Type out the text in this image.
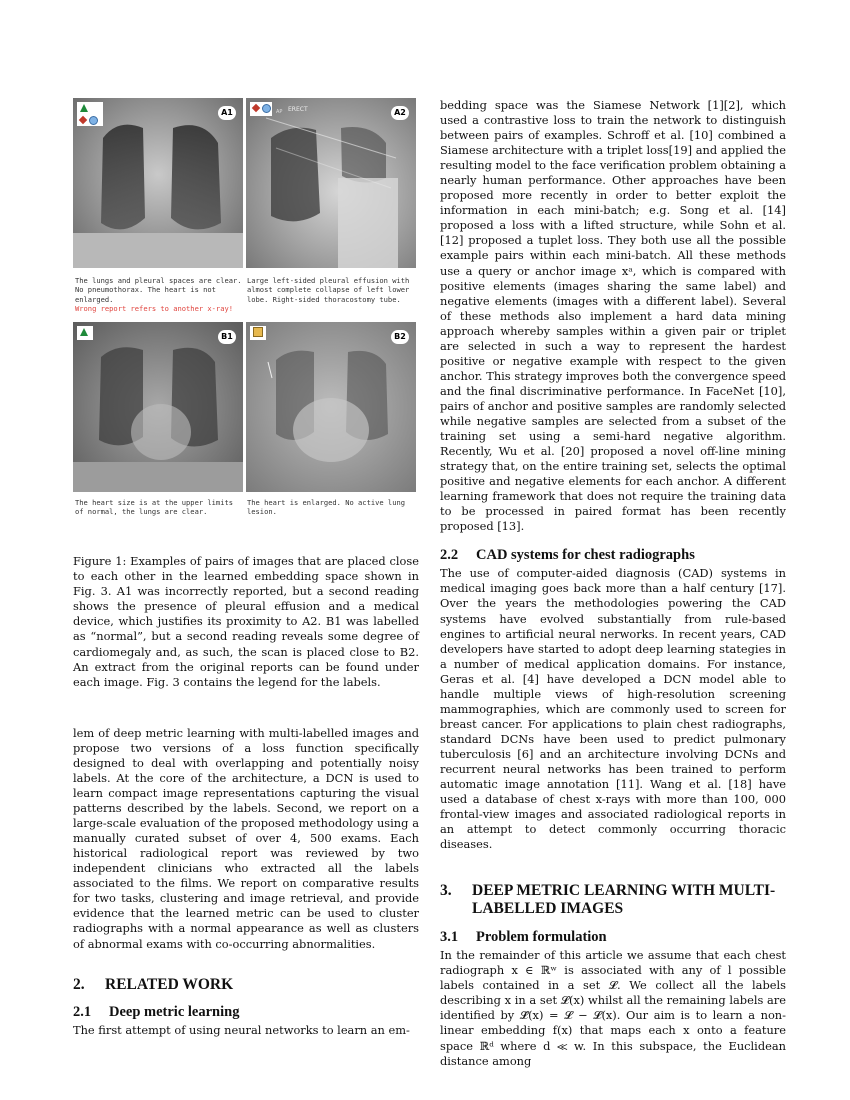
A1	AP ERECT	A2
The lungs and pleural spaces are clear. No pneumothorax. The heart is not enlarged.
Wrong report refers to another x-ray!
Large left-sided pleural effusion with almost complete collapse of left lower lobe. Right-sided thoracostomy tube.
B1	B2
The heart size is at the upper limits of normal, the lungs are clear.
The heart is enlarged. No active lung lesion.

Figure 1: Examples of pairs of images that are placed close to each other in the learned embedding space shown in Fig. 3. A1 was incorrectly reported, but a second reading shows the presence of pleural effusion and a medical device, which justifies its proximity to A2. B1 was labelled as “normal”, but a second reading reveals some degree of cardiomegaly and, as such, the scan is placed close to B2. An extract from the original reports can be found under each image. Fig. 3 contains the legend for the labels.

lem of deep metric learning with multi-labelled images and propose two versions of a loss function specifically designed to deal with overlapping and potentially noisy labels. At the core of the architecture, a DCN is used to learn compact image representations capturing the visual patterns described by the labels. Second, we report on a large-scale evaluation of the proposed methodology using a manually curated subset of over 4, 500 exams. Each historical radiological report was reviewed by two independent clinicians who extracted all the labels associated to the films. We report on comparative results for two tasks, clustering and image retrieval, and provide evidence that the learned metric can be used to cluster radiographs with a normal appearance as well as clusters of abnormal exams with co-occurring abnormalities.

2. RELATED WORK
2.1 Deep metric learning

The first attempt of using neural networks to learn an em-

bedding space was the Siamese Network [1][2], which used a contrastive loss to train the network to distinguish between pairs of examples. Schroff et al. [10] combined a Siamese architecture with a triplet loss[19] and applied the resulting model to the face verification problem obtaining a nearly human performance. Other approaches have been proposed more recently in order to better exploit the information in each mini-batch; e.g. Song et al. [14] proposed a loss with a lifted structure, while Sohn et al. [12] proposed a tuplet loss. They both use all the possible example pairs within each mini-batch. All these methods use a query or anchor image xᵃ, which is compared with positive elements (images sharing the same label) and negative elements (images with a different label). Several of these methods also implement a hard data mining approach whereby samples within a given pair or triplet are selected in such a way to represent the hardest positive or negative example with respect to the given anchor. This strategy improves both the convergence speed and the final discriminative performance. In FaceNet [10], pairs of anchor and positive samples are randomly selected while negative samples are selected from a subset of the training set using a semi-hard negative algorithm. Recently, Wu et al. [20] proposed a novel off-line mining strategy that, on the entire training set, selects the optimal positive and negative elements for each anchor. A different learning framework that does not require the training data to be processed in paired format has been recently proposed [13].

2.2 CAD systems for chest radiographs

The use of computer-aided diagnosis (CAD) systems in medical imaging goes back more than a half century [17]. Over the years the methodologies powering the CAD systems have evolved substantially from rule-based engines to artificial neural nerworks. In recent years, CAD developers have started to adopt deep learning stategies in a number of medical application domains. For instance, Geras et al. [4] have developed a DCN model able to handle multiple views of high-resolution screening mammographies, which are commonly used to screen for breast cancer. For applications to plain chest radiographs, standard DCNs have been used to predict pulmonary tuberculosis [6] and an architecture involving DCNs and recurrent neural networks has been trained to perform automatic image annotation [11]. Wang et al. [18] have used a database of chest x-rays with more than 100, 000 frontal-view images and associated radiological reports in an attempt to detect commonly occurring thoracic diseases.

3.	DEEP METRIC LEARNING WITH MULTI-LABELLED IMAGES
3.1 Problem formulation

In the remainder of this article we assume that each chest radiograph x ∈ ℝʷ is associated with any of l possible labels contained in a set 𝓛. We collect all the labels describing x in a set 𝓛(x) whilst all the remaining labels are identified by 𝓛̄(x) = 𝓛 − 𝓛(x). Our aim is to learn a non-linear embedding f(x) that maps each x onto a feature space ℝᵈ where d ≪ w. In this subspace, the Euclidean distance among
